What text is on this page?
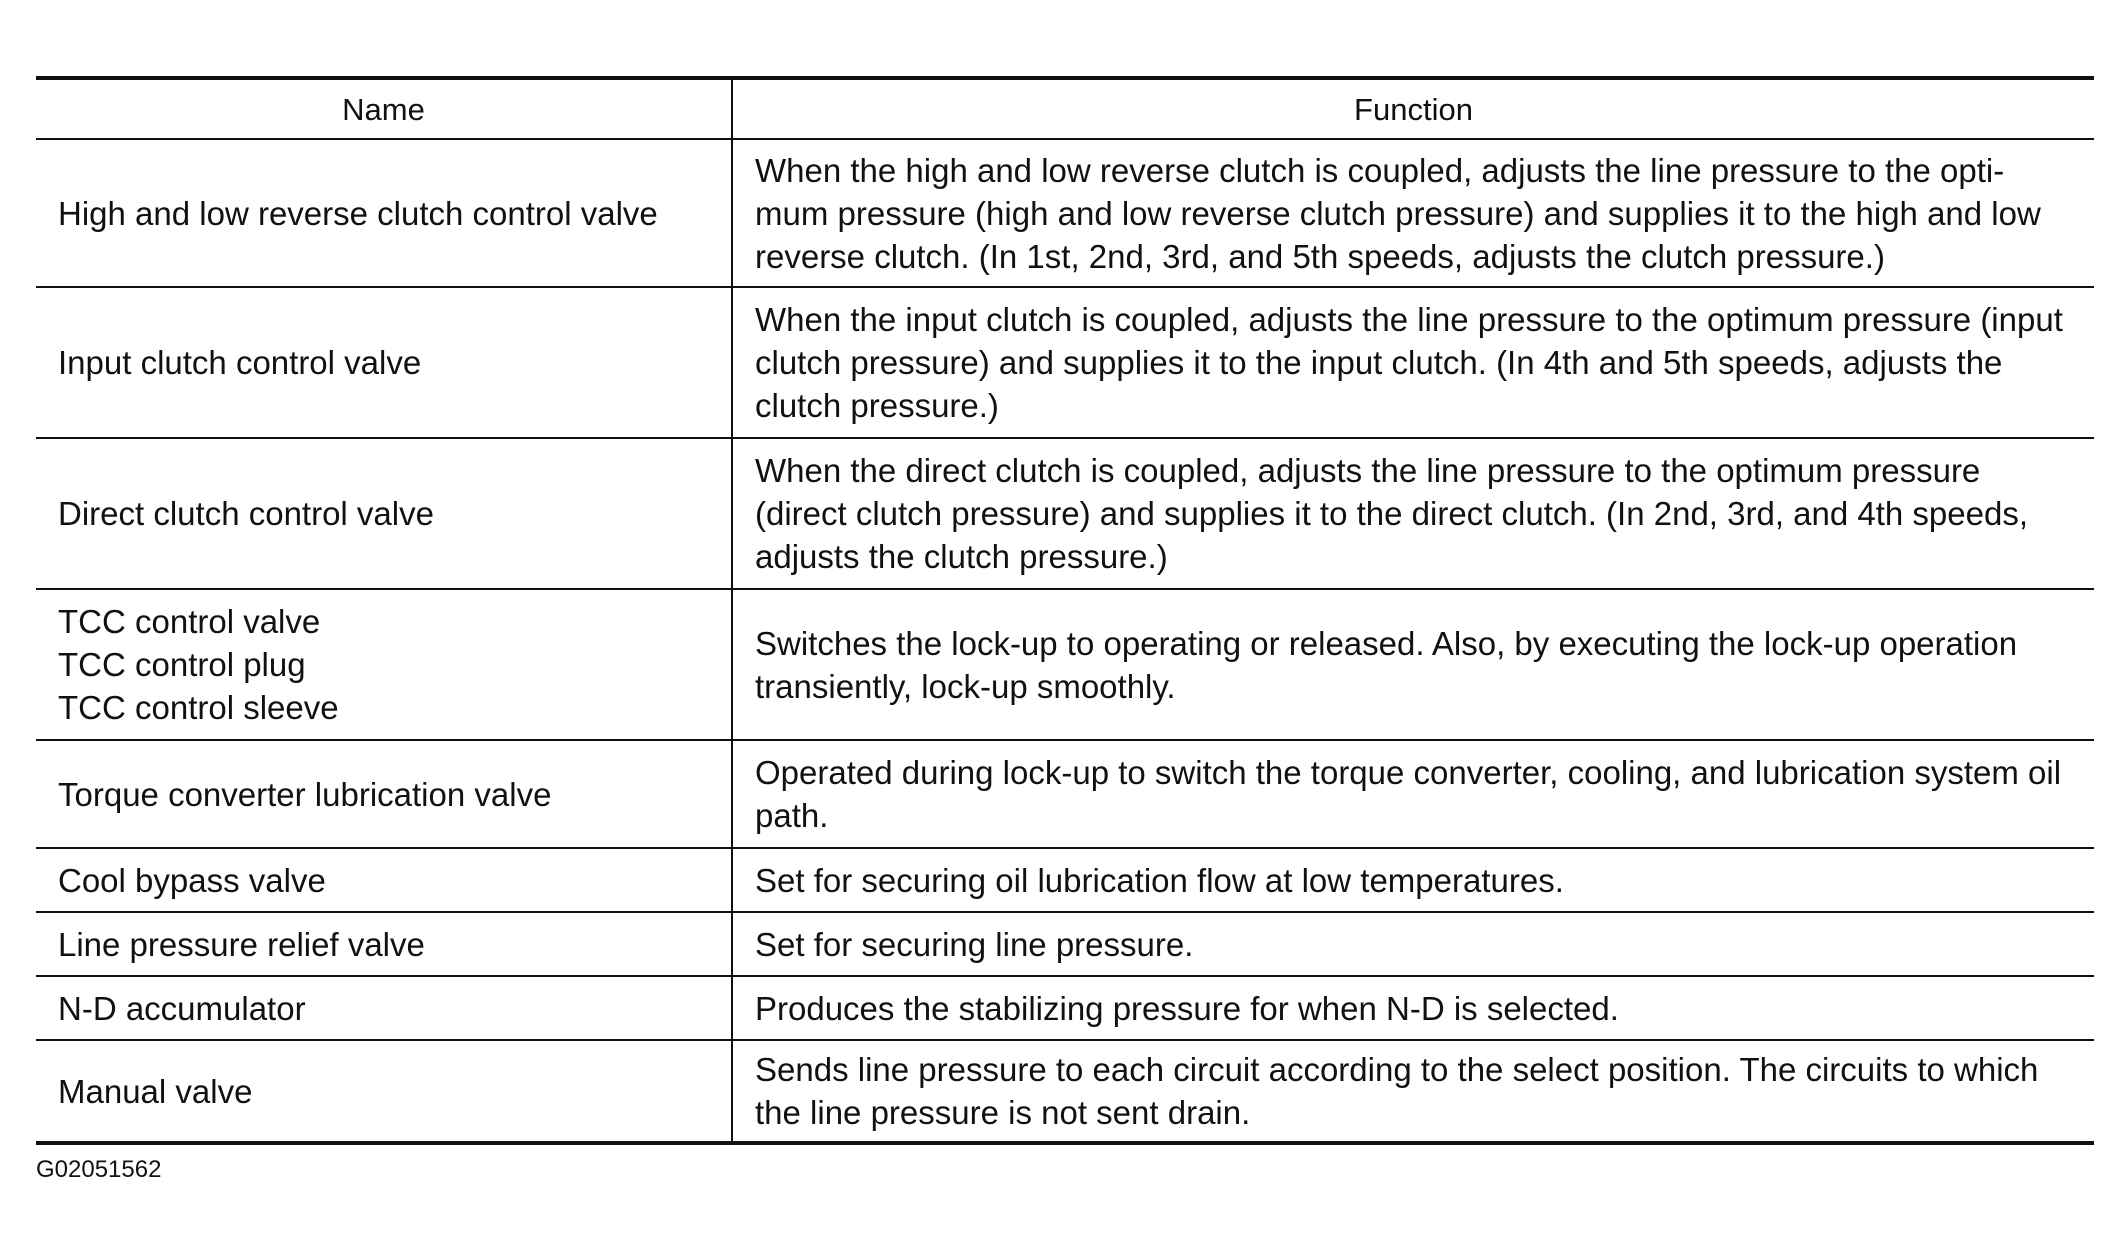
Name	Function

High and low reverse clutch control valve	When the high and low reverse clutch is coupled, adjusts the line pressure to the opti- mum pressure (high and low reverse clutch pressure) and supplies it to the high and low reverse clutch. (In 1st, 2nd, 3rd, and 5th speeds, adjusts the clutch pressure.)

Input clutch control valve	When the input clutch is coupled, adjusts the line pressure to the optimum pressure (input clutch pressure) and supplies it to the input clutch. (In 4th and 5th speeds, adjusts the clutch pressure.)

Direct clutch control valve	When the direct clutch is coupled, adjusts the line pressure to the optimum pressure (direct clutch pressure) and supplies it to the direct clutch. (In 2nd, 3rd, and 4th speeds, adjusts the clutch pressure.)

TCC control valve
TCC control plug
TCC control sleeve	Switches the lock-up to operating or released. Also, by executing the lock-up operation transiently, lock-up smoothly.

Torque converter lubrication valve	Operated during lock-up to switch the torque converter, cooling, and lubrication system oil path.

Cool bypass valve	Set for securing oil lubrication flow at low temperatures.

Line pressure relief valve	Set for securing line pressure.

N-D accumulator	Produces the stabilizing pressure for when N-D is selected.

Manual valve	Sends line pressure to each circuit according to the select position. The circuits to which the line pressure is not sent drain.
G02051562
